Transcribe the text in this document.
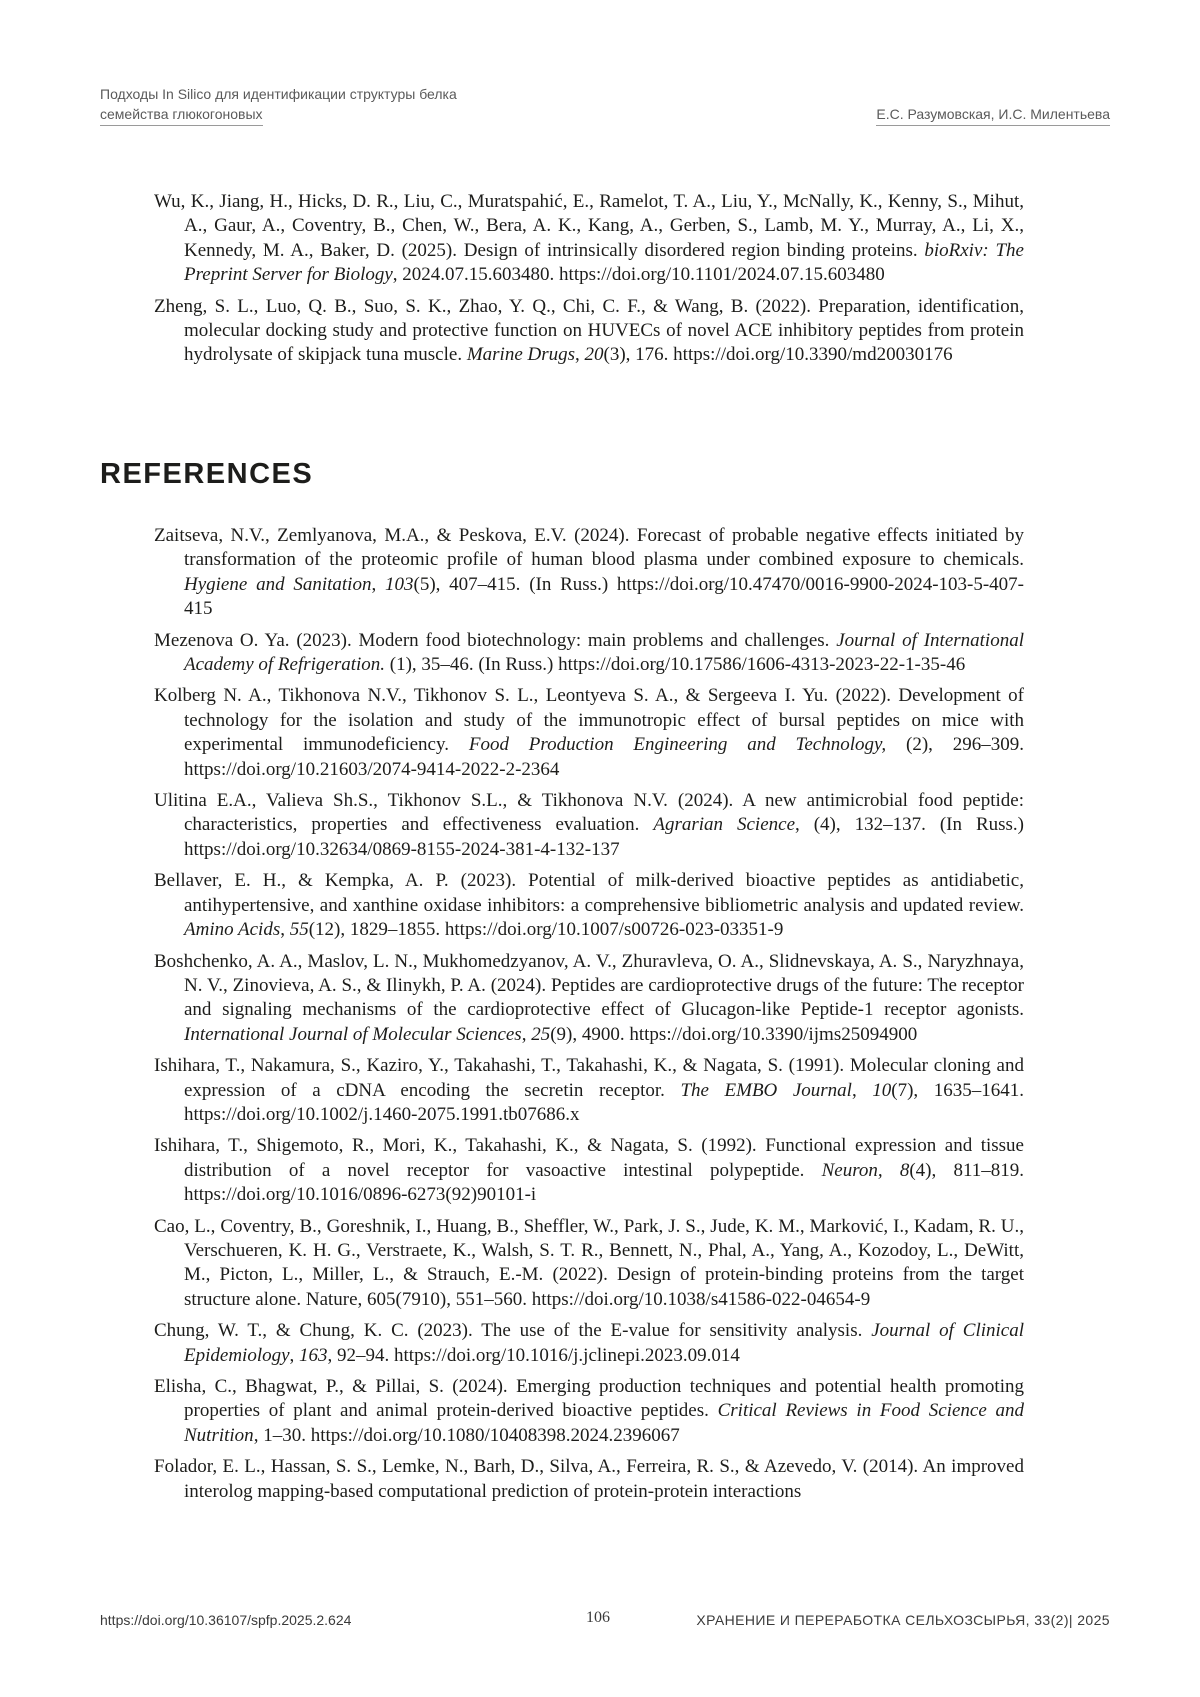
Подходы In Silico для идентификации структуры белка
семейства глюкогоновых	Е.С. Разумовская, И.С. Милентьева

Wu, K., Jiang, H., Hicks, D. R., Liu, C., Muratspahić, E., Ramelot, T. A., Liu, Y., McNally, K., Kenny, S., Mihut, A., Gaur, A., Coventry, B., Chen, W., Bera, A. K., Kang, A., Gerben, S., Lamb, M. Y., Murray, A., Li, X., Kennedy, M. A., Baker, D. (2025). Design of intrinsically disordered region binding proteins. bioRxiv: The Preprint Server for Biology, 2024.07.15.603480. https://doi.org/10.1101/2024.07.15.603480

Zheng, S. L., Luo, Q. B., Suo, S. K., Zhao, Y. Q., Chi, C. F., & Wang, B. (2022). Preparation, identification, molecular docking study and protective function on HUVECs of novel ACE inhibitory peptides from protein hydrolysate of skipjack tuna muscle. Marine Drugs, 20(3), 176. https://doi.org/10.3390/md20030176

REFERENCES

Zaitseva, N.V., Zemlyanova, M.A., & Peskova, E.V. (2024). Forecast of probable negative effects initiated by transformation of the proteomic profile of human blood plasma under combined exposure to chemicals. Hygiene and Sanitation, 103(5), 407–415. (In Russ.) https://doi.org/10.47470/0016-9900-2024-103-5-407-415

Mezenova O. Ya. (2023). Modern food biotechnology: main problems and challenges. Journal of International Academy of Refrigeration. (1), 35–46. (In Russ.) https://doi.org/10.17586/1606-4313-2023-22-1-35-46

Kolberg N. A., Tikhonova N.V., Tikhonov S. L., Leontyeva S. A., & Sergeeva I. Yu. (2022). Development of technology for the isolation and study of the immunotropic effect of bursal peptides on mice with experimental immunodeficiency. Food Production Engineering and Technology, (2), 296–309. https://doi.org/10.21603/2074-9414-2022-2-2364

Ulitina E.A., Valieva Sh.S., Tikhonov S.L., & Tikhonova N.V. (2024). A new antimicrobial food peptide: characteristics, properties and effectiveness evaluation. Agrarian Science, (4), 132–137. (In Russ.) https://doi.org/10.32634/0869-8155-2024-381-4-132-137

Bellaver, E. H., & Kempka, A. P. (2023). Potential of milk-derived bioactive peptides as antidiabetic, antihypertensive, and xanthine oxidase inhibitors: a comprehensive bibliometric analysis and updated review. Amino Acids, 55(12), 1829–1855. https://doi.org/10.1007/s00726-023-03351-9

Boshchenko, A. A., Maslov, L. N., Mukhomedzyanov, A. V., Zhuravleva, O. A., Slidnevskaya, A. S., Naryzhnaya, N. V., Zinovieva, A. S., & Ilinykh, P. A. (2024). Peptides are cardioprotective drugs of the future: The receptor and signaling mechanisms of the cardioprotective effect of Glucagon-like Peptide-1 receptor agonists. International Journal of Molecular Sciences, 25(9), 4900. https://doi.org/10.3390/ijms25094900

Ishihara, T., Nakamura, S., Kaziro, Y., Takahashi, T., Takahashi, K., & Nagata, S. (1991). Molecular cloning and expression of a cDNA encoding the secretin receptor. The EMBO Journal, 10(7), 1635–1641. https://doi.org/10.1002/j.1460-2075.1991.tb07686.x

Ishihara, T., Shigemoto, R., Mori, K., Takahashi, K., & Nagata, S. (1992). Functional expression and tissue distribution of a novel receptor for vasoactive intestinal polypeptide. Neuron, 8(4), 811–819. https://doi.org/10.1016/0896-6273(92)90101-i

Cao, L., Coventry, B., Goreshnik, I., Huang, B., Sheffler, W., Park, J. S., Jude, K. M., Marković, I., Kadam, R. U., Verschueren, K. H. G., Verstraete, K., Walsh, S. T. R., Bennett, N., Phal, A., Yang, A., Kozodoy, L., DeWitt, M., Picton, L., Miller, L., & Strauch, E.-M. (2022). Design of protein-binding proteins from the target structure alone. Nature, 605(7910), 551–560. https://doi.org/10.1038/s41586-022-04654-9

Chung, W. T., & Chung, K. C. (2023). The use of the E-value for sensitivity analysis. Journal of Clinical Epidemiology, 163, 92–94. https://doi.org/10.1016/j.jclinepi.2023.09.014

Elisha, C., Bhagwat, P., & Pillai, S. (2024). Emerging production techniques and potential health promoting properties of plant and animal protein-derived bioactive peptides. Critical Reviews in Food Science and Nutrition, 1–30. https://doi.org/10.1080/10408398.2024.2396067

Folador, E. L., Hassan, S. S., Lemke, N., Barh, D., Silva, A., Ferreira, R. S., & Azevedo, V. (2014). An improved interolog mapping-based computational prediction of protein-protein interactions

https://doi.org/10.36107/spfp.2025.2.624	106	ХРАНЕНИЕ И ПЕРЕРАБОТКА СЕЛЬХОЗСЫРЬЯ, 33(2)| 2025
